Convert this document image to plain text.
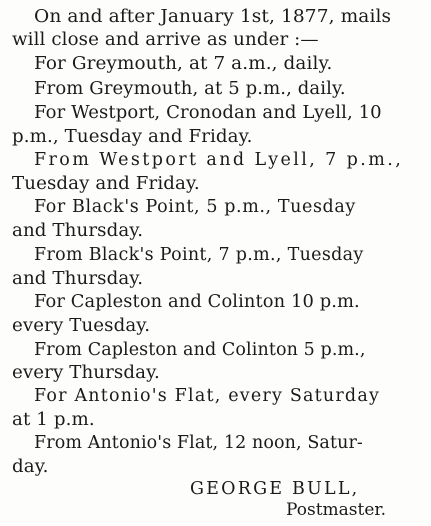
On and after January 1st, 1877, mails
will close and arrive as under :—
For Greymouth, at 7 a.m., daily.
From Greymouth, at 5 p.m., daily.
For Westport, Cronodan and Lyell, 10
p.m., Tuesday and Friday.
From Westport and Lyell, 7 p.m.,
Tuesday and Friday.
For Black's Point, 5 p.m., Tuesday
and Thursday.
From Black's Point, 7 p.m., Tuesday
and Thursday.
For Capleston and Colinton 10 p.m.
every Tuesday.
From Capleston and Colinton 5 p.m.,
every Thursday.
For Antonio's Flat, every Saturday
at 1 p.m.
From Antonio's Flat, 12 noon, Satur-
day.
GEORGE BULL,
Postmaster.
